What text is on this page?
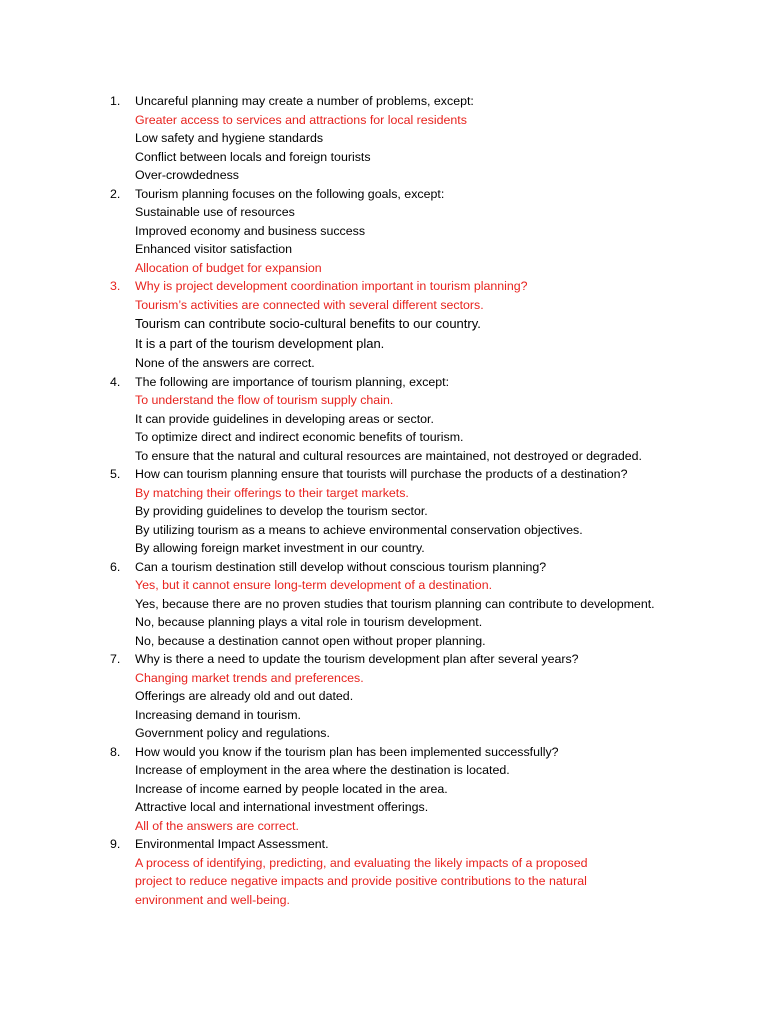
1.	Uncareful planning may create a number of problems, except:
Greater access to services and attractions for local residents
Low safety and hygiene standards
Conflict between locals and foreign tourists
Over-crowdedness
2.	Tourism planning focuses on the following goals, except:
Sustainable use of resources
Improved economy and business success
Enhanced visitor satisfaction
Allocation of budget for expansion
3.	Why is project development coordination important in tourism planning?
Tourism’s activities are connected with several different sectors.
Tourism can contribute socio-cultural benefits to our country.
It is a part of the tourism development plan.
None of the answers are correct.
4.	The following are importance of tourism planning, except:
To understand the flow of tourism supply chain.
It can provide guidelines in developing areas or sector.
To optimize direct and indirect economic benefits of tourism.
To ensure that the natural and cultural resources are maintained, not destroyed or degraded.
5.	How can tourism planning ensure that tourists will purchase the products of a destination?
By matching their offerings to their target markets.
By providing guidelines to develop the tourism sector.
By utilizing tourism as a means to achieve environmental conservation objectives.
By allowing foreign market investment in our country.
6.	Can a tourism destination still develop without conscious tourism planning?
Yes, but it cannot ensure long-term development of a destination.
Yes, because there are no proven studies that tourism planning can contribute to development.
No, because planning plays a vital role in tourism development.
No, because a destination cannot open without proper planning.
7.	Why is there a need to update the tourism development plan after several years?
Changing market trends and preferences.
Offerings are already old and out dated.
Increasing demand in tourism.
Government policy and regulations.
8.	How would you know if the tourism plan has been implemented successfully?
Increase of employment in the area where the destination is located.
Increase of income earned by people located in the area.
Attractive local and international investment offerings.
All of the answers are correct.
9.	Environmental Impact Assessment.
A process of identifying, predicting, and evaluating the likely impacts of a proposed
project to reduce negative impacts and provide positive contributions to the natural
environment and well-being.
